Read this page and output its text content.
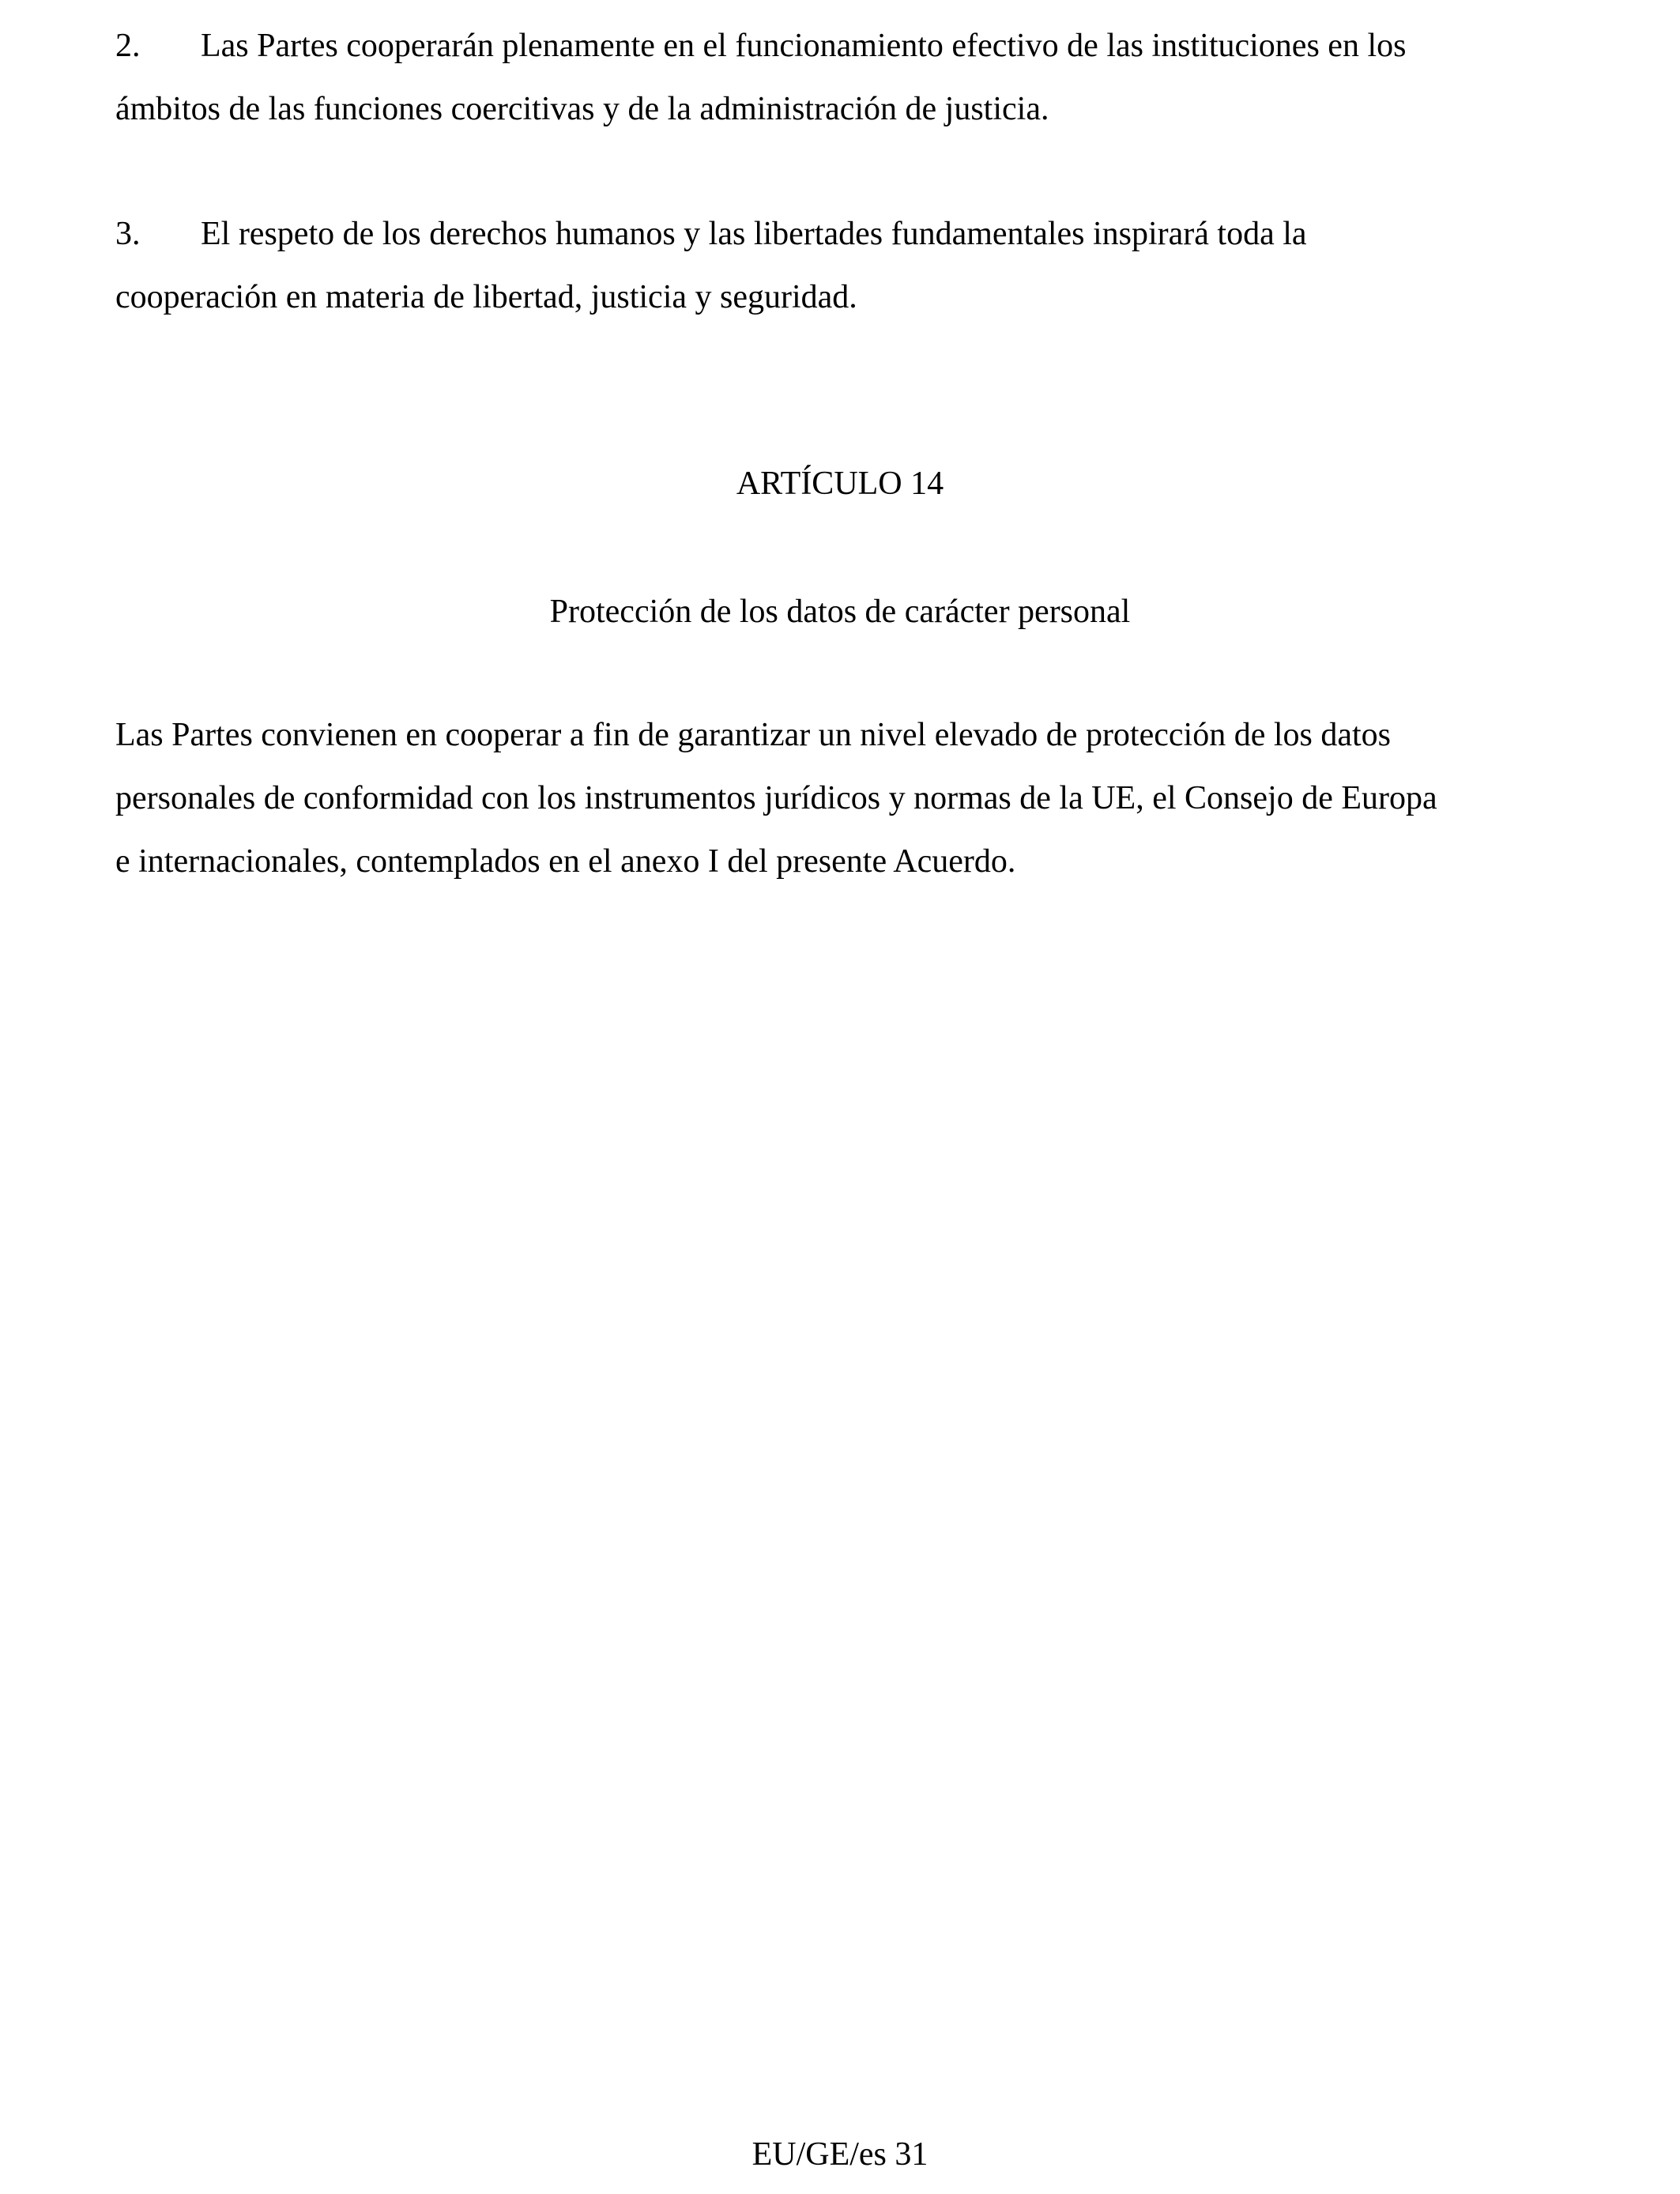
2. Las Partes cooperarán plenamente en el funcionamiento efectivo de las instituciones en los
ámbitos de las funciones coercitivas y de la administración de justicia.
3. El respeto de los derechos humanos y las libertades fundamentales inspirará toda la
cooperación en materia de libertad, justicia y seguridad.
ARTÍCULO 14
Protección de los datos de carácter personal
Las Partes convienen en cooperar a fin de garantizar un nivel elevado de protección de los datos
personales de conformidad con los instrumentos jurídicos y normas de la UE, el Consejo de Europa
e internacionales, contemplados en el anexo I del presente Acuerdo.
EU/GE/es 31
